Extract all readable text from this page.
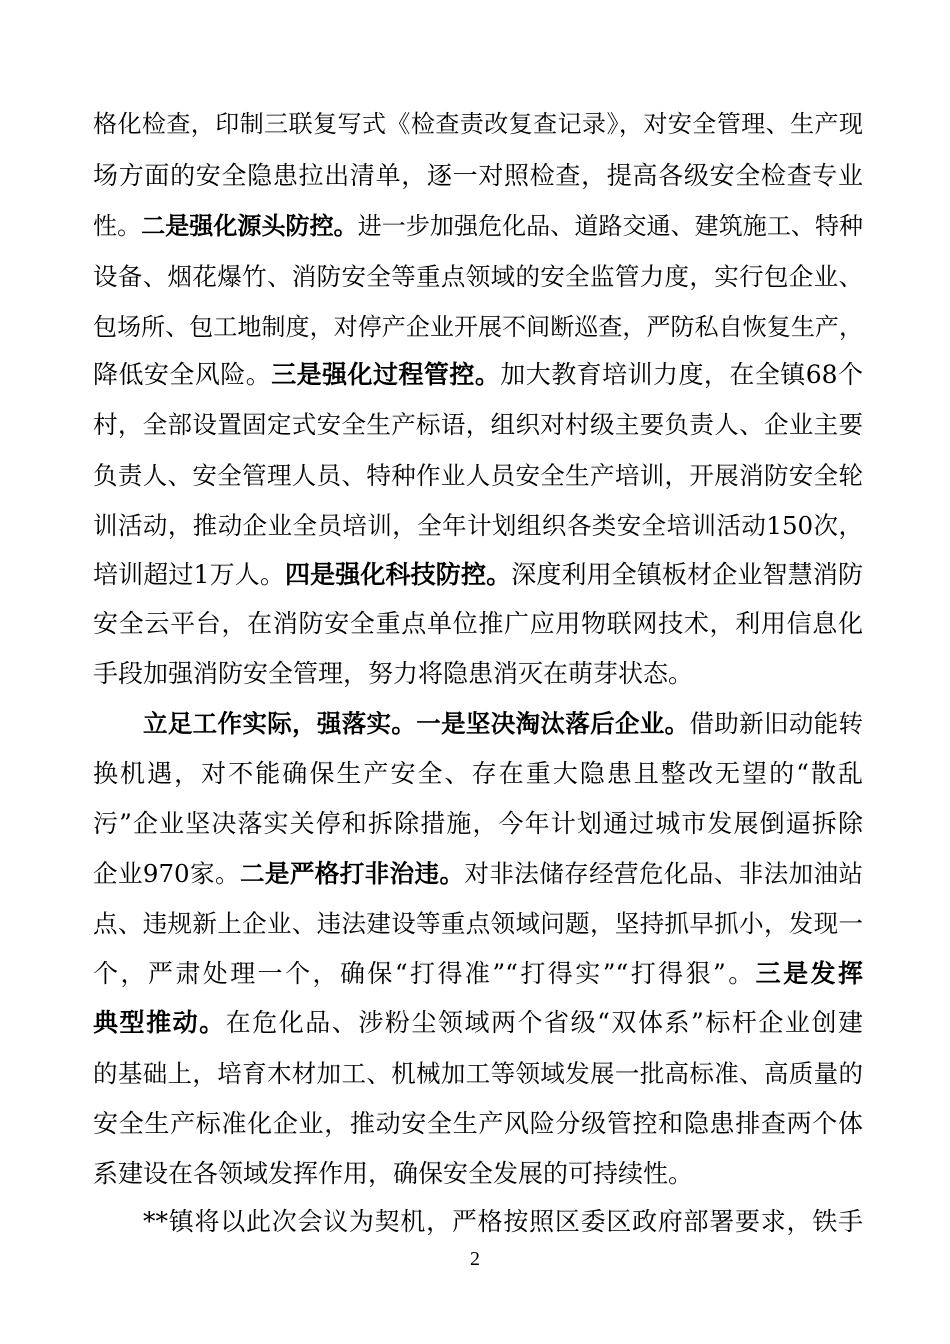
格化检查，印制三联复写式《检查责改复查记录》，对安全管理、生产现
场方面的安全隐患拉出清单，逐一对照检查，提高各级安全检查专业
性。二是强化源头防控。进一步加强危化品、道路交通、建筑施工、特种
设备、烟花爆竹、消防安全等重点领域的安全监管力度，实行包企业、
包场所、包工地制度，对停产企业开展不间断巡查，严防私自恢复生产，
降低安全风险。三是强化过程管控。加大教育培训力度，在全镇68个
村，全部设置固定式安全生产标语，组织对村级主要负责人、企业主要
负责人、安全管理人员、特种作业人员安全生产培训，开展消防安全轮
训活动，推动企业全员培训，全年计划组织各类安全培训活动150次，
培训超过1万人。四是强化科技防控。深度利用全镇板材企业智慧消防
安全云平台，在消防安全重点单位推广应用物联网技术，利用信息化
手段加强消防安全管理，努力将隐患消灭在萌芽状态。
立足工作实际，强落实。一是坚决淘汰落后企业。借助新旧动能转
换机遇，对不能确保生产安全、存在重大隐患且整改无望的“散乱
污”企业坚决落实关停和拆除措施，今年计划通过城市发展倒逼拆除
企业970家。二是严格打非治违。对非法储存经营危化品、非法加油站
点、违规新上企业、违法建设等重点领域问题，坚持抓早抓小，发现一
个，严肃处理一个，确保“打得准”“打得实”“打得狠”。三是发挥
典型推动。在危化品、涉粉尘领域两个省级“双体系”标杆企业创建
的基础上，培育木材加工、机械加工等领域发展一批高标准、高质量的
安全生产标准化企业，推动安全生产风险分级管控和隐患排查两个体
系建设在各领域发挥作用，确保安全发展的可持续性。
**镇将以此次会议为契机，严格按照区委区政府部署要求，铁手
2
